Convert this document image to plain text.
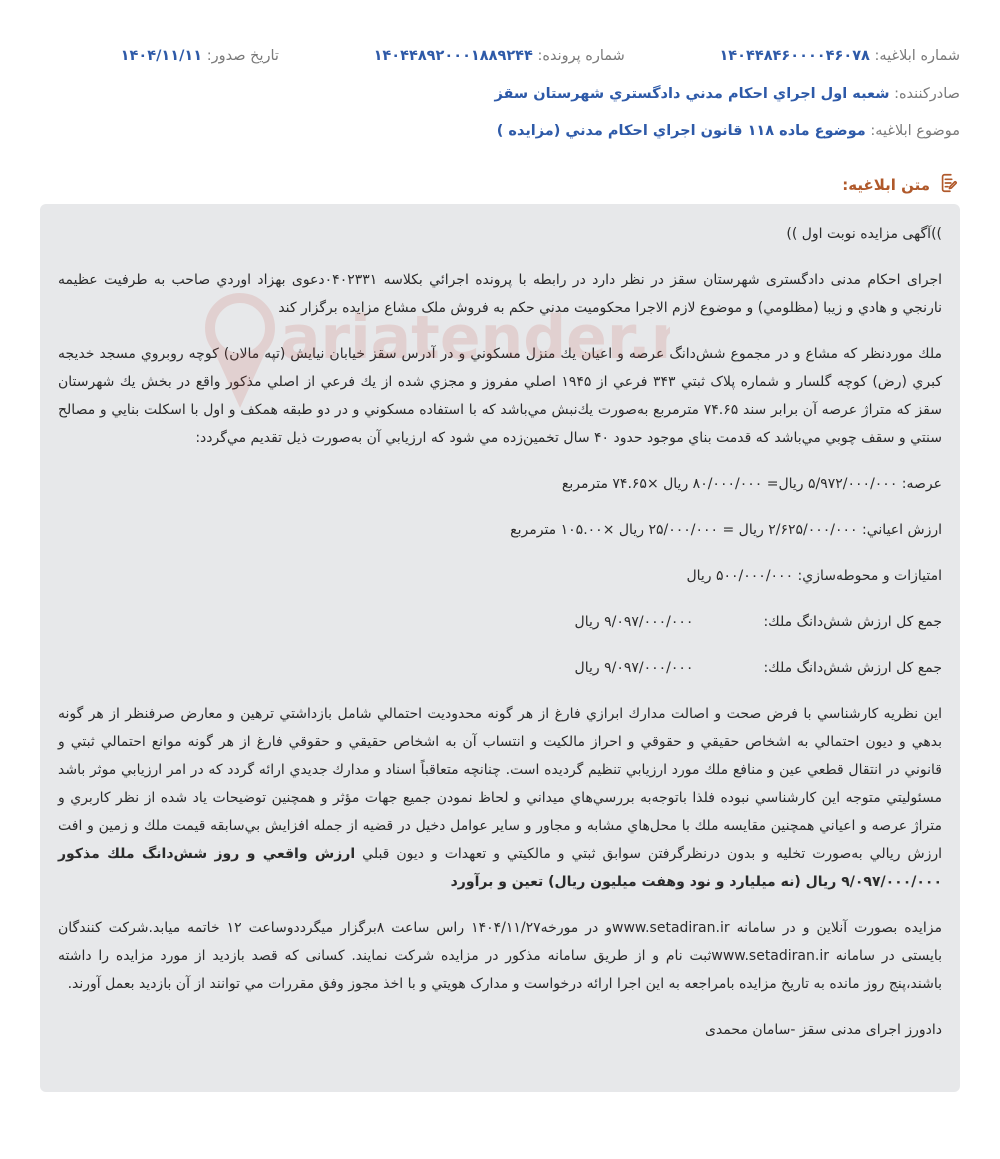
شماره ابلاغیه: ۱۴۰۴۴۸۴۶۰۰۰۰۴۶۰۷۸ شماره پرونده: ۱۴۰۴۴۸۹۲۰۰۰۱۸۸۹۲۴۴ تاریخ صدور: ۱۴۰۴/۱۱/۱۱
صادرکننده: شعبه اول اجراي احكام مدني دادگستري شهرستان سقز
موضوع ابلاغیه: موضوع ماده ۱۱۸ قانون اجراي احكام مدني (مزايده )
متن ابلاغیه:

))آگهی مزایده نوبت اول ))

اجرای احکام مدنی دادگستری شهرستان سقز در نظر دارد در رابطه با پرونده اجرائي بكلاسه ۰۴۰۲۳۳۱دعوی بهزاد اوردي صاحب به طرفيت عظيمه نارنجي و هادي و زيبا (مظلومي) و موضوع لازم الاجرا محكوميت مدني حكم به فروش ملک مشاع مزایده برگزار کند

ملك موردنظر كه مشاع و در مجموع شش‌دانگ عرصه و اعيان يك منزل مسكوني و در آدرس سقز خيابان نيايش (تپه مالان) كوچه روبروي مسجد خديجه كبري (رض) كوچه گلسار و شماره پلاک ثبتي ۳۴۳ فرعي از ۱۹۴۵ اصلي مفروز و مجزي شده از يك فرعي از اصلي مذكور واقع در بخش يك شهرستان سقز كه متراژ عرصه آن برابر سند ۷۴.۶۵ مترمربع به‌صورت يك‌نبش مي‌باشد كه با استفاده مسكوني و در دو طبقه همكف و اول با اسكلت بنايي و مصالح سنتي و سقف چوبي مي‌باشد كه قدمت بناي موجود حدود ۴۰ سال تخمين‌زده مي شود كه ارزيابي آن به‌صورت ذيل تقديم مي‌گردد:

عرصه: ۵/۹۷۲/۰۰۰/۰۰۰ ريال= ۸۰/۰۰۰/۰۰۰ ريال ×۷۴.۶۵ مترمربع

ارزش اعياني: ۲/۶۲۵/۰۰۰/۰۰۰ ريال = ۲۵/۰۰۰/۰۰۰ ريال ×۱۰۵.۰۰ مترمربع

امتيازات و محوطه‌سازي: ۵۰۰/۰۰۰/۰۰۰ ريال

جمع كل ارزش شش‌دانگ ملك:
۹/۰۹۷/۰۰۰/۰۰۰ ريال
جمع كل ارزش شش‌دانگ ملك:
۹/۰۹۷/۰۰۰/۰۰۰ ريال

اين نظريه كارشناسي با فرض صحت و اصالت مدارك ابرازي فارغ از هر گونه محدوديت احتمالي شامل بازداشتي ترهين و معارض صرفنظر از هر گونه بدهي و ديون احتمالي به اشخاص حقيقي و حقوقي و احراز مالكيت و انتساب آن به اشخاص حقيقي و حقوقي فارغ از هر گونه موانع احتمالي ثبتي و قانوني در انتقال قطعي عين و منافع ملك مورد ارزيابي تنظيم گرديده است. چنانچه متعاقباً اسناد و مدارك جديدي ارائه گردد كه در امر ارزيابي موثر باشد مسئوليتي متوجه اين كارشناسي نبوده فلذا باتوجه‌به بررسي‌هاي ميداني و لحاظ نمودن جميع جهات مؤثر و همچنين توضيحات ياد شده از نظر كاربري و متراژ عرصه و اعياني همچنين مقايسه ملك با محل‌هاي مشابه و مجاور و ساير عوامل دخيل در قضيه از جمله افزايش بي‌سابقه قيمت ملك و زمين و افت ارزش ريالي به‌صورت تخليه و بدون درنظرگرفتن سوابق ثبتي و مالكيتي و تعهدات و ديون قبلي ارزش واقعي و روز شش‌دانگ ملك مذكور ۹/۰۹۷/۰۰۰/۰۰۰ ريال (نه ميليارد و نود وهفت ميليون ريال) تعين و برآورد

مزایده بصورت آنلاین و در سامانه www.setadiran.irو در مورخه۱۴۰۴/۱۱/۲۷ راس ساعت ۸برگزار میگرددوساعت ۱۲ خاتمه میابد.شرکت کنندگان بایستی در سامانه www.setadiran.irثبت نام و از طریق سامانه مذکور در مزایده شرکت نمایند. کسانی که قصد بازدید از مورد مزایده را داشته باشند،پنج روز مانده به تاریخ مزایده بامراجعه به این اجرا ارائه درخواست و مدارک هویتي و با اخذ مجوز وفق مقررات مي توانند از آن بازدید بعمل آورند.

دادورز اجرای مدنی سقز -سامان محمدی
